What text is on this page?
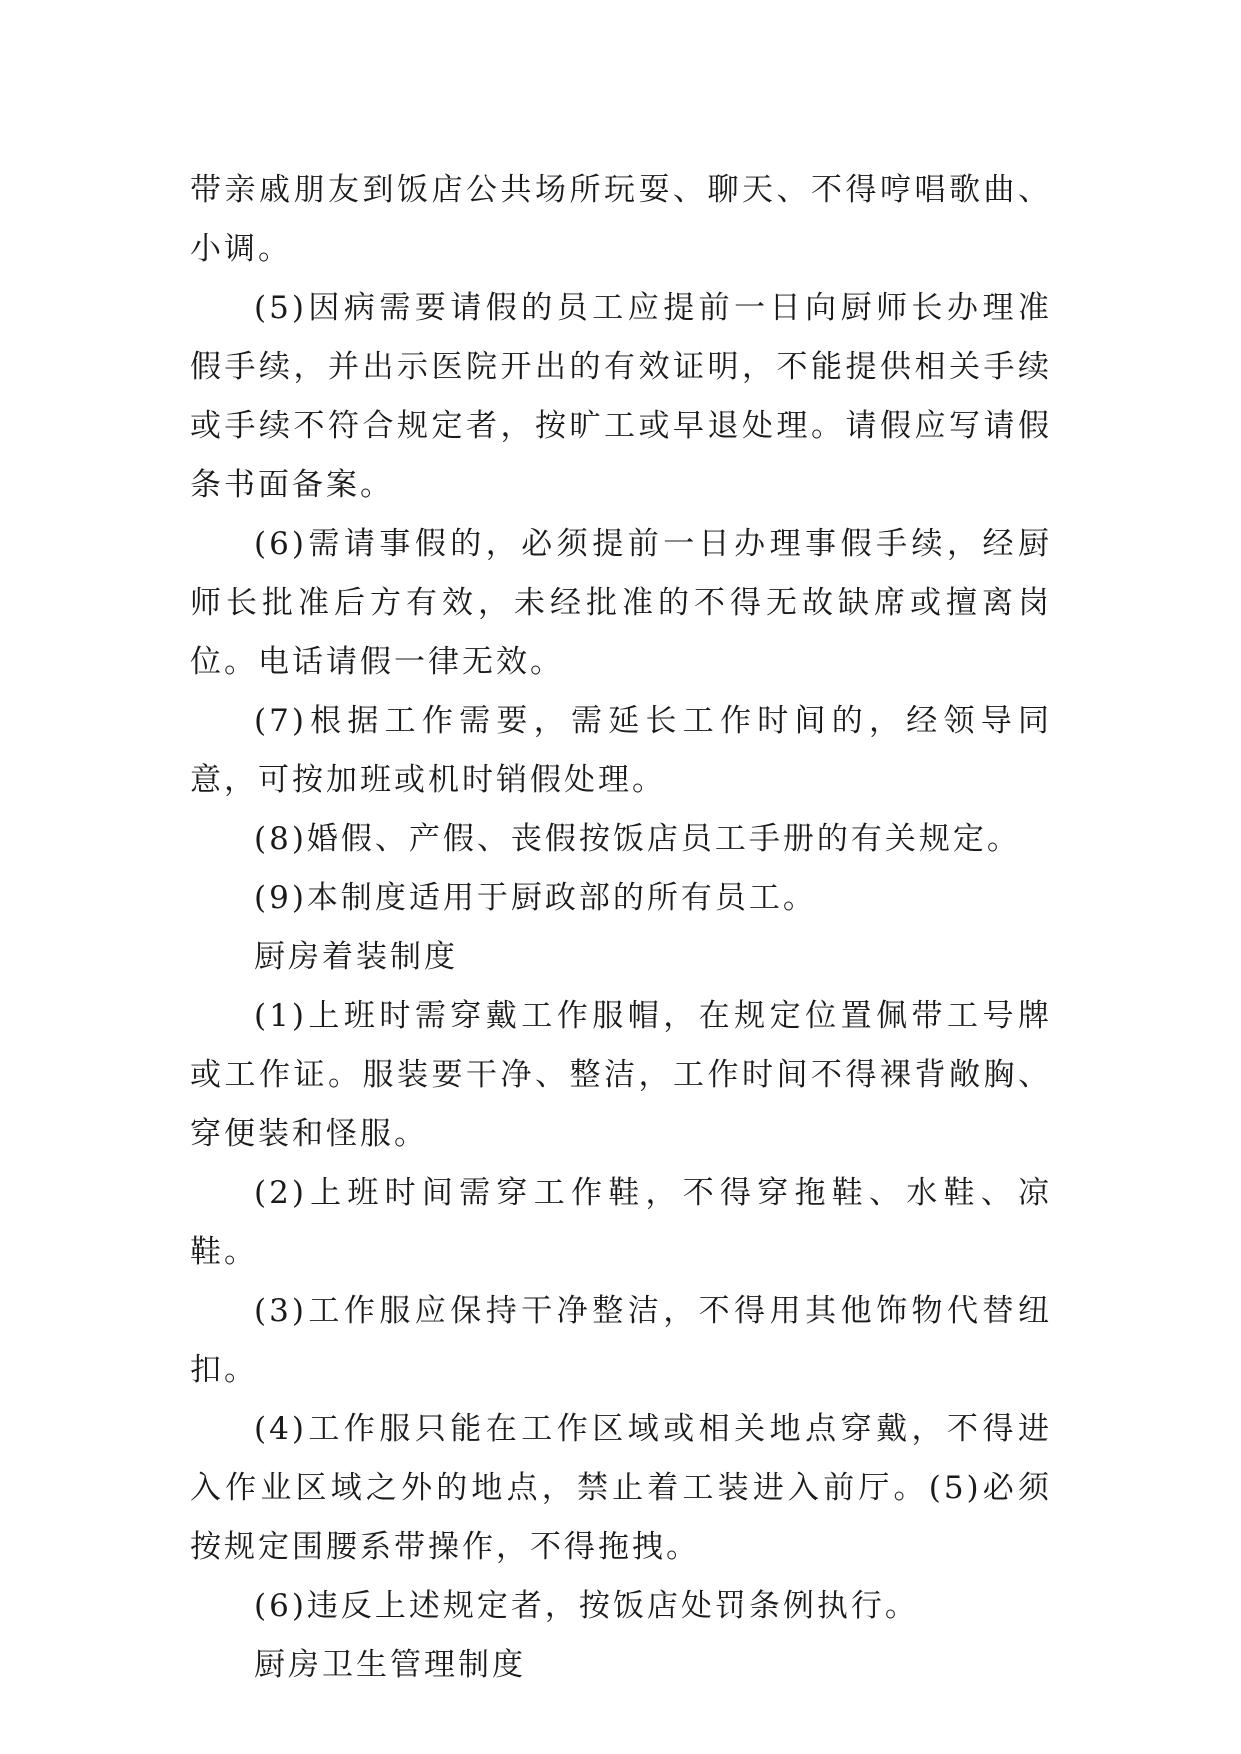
带亲戚朋友到饭店公共场所玩耍、聊天、不得哼唱歌曲、小调。

(5)因病需要请假的员工应提前一日向厨师长办理准假手续，并出示医院开出的有效证明，不能提供相关手续或手续不符合规定者，按旷工或早退处理。请假应写请假条书面备案。

(6)需请事假的，必须提前一日办理事假手续，经厨师长批准后方有效，未经批准的不得无故缺席或擅离岗位。电话请假一律无效。

(7)根据工作需要，需延长工作时间的，经领导同意，可按加班或机时销假处理。

(8)婚假、产假、丧假按饭店员工手册的有关规定。

(9)本制度适用于厨政部的所有员工。

厨房着装制度

(1)上班时需穿戴工作服帽，在规定位置佩带工号牌或工作证。服装要干净、整洁，工作时间不得裸背敞胸、穿便装和怪服。

(2)上班时间需穿工作鞋，不得穿拖鞋、水鞋、凉鞋。

(3)工作服应保持干净整洁，不得用其他饰物代替纽扣。

(4)工作服只能在工作区域或相关地点穿戴，不得进入作业区域之外的地点，禁止着工装进入前厅。(5)必须按规定围腰系带操作，不得拖拽。

(6)违反上述规定者，按饭店处罚条例执行。

厨房卫生管理制度
